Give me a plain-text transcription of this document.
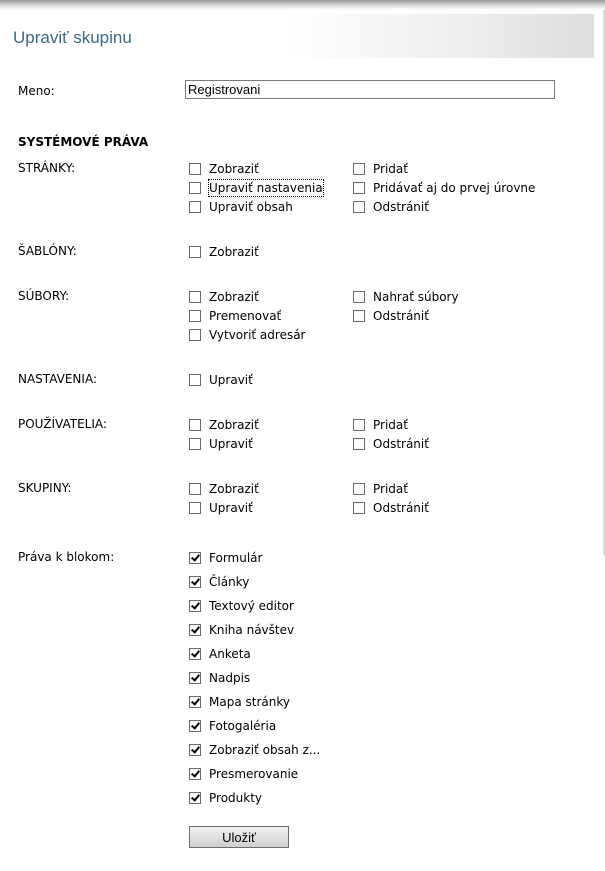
Upraviť skupinu
Meno:
Registrovani
SYSTÉMOVÉ PRÁVA
STRÁNKY:	Zobraziť	Pridať
Upraviť nastavenia	Pridávať aj do prvej úrovne
Upraviť obsah	Odstrániť
ŠABLÓNY:	Zobraziť
SÚBORY:	Zobraziť	Nahrať súbory
Premenovať	Odstrániť
Vytvoriť adresár
NASTAVENIA:	Upraviť
POUŽÍVATELIA:	Zobraziť	Pridať
Upraviť	Odstrániť
SKUPINY:	Zobraziť	Pridať
Upraviť	Odstrániť
Práva k blokom:	Formulár
Články
Textový editor
Kniha návštev
Anketa
Nadpis
Mapa stránky
Fotogaléria
Zobraziť obsah z...
Presmerovanie
Produkty
Uložiť
